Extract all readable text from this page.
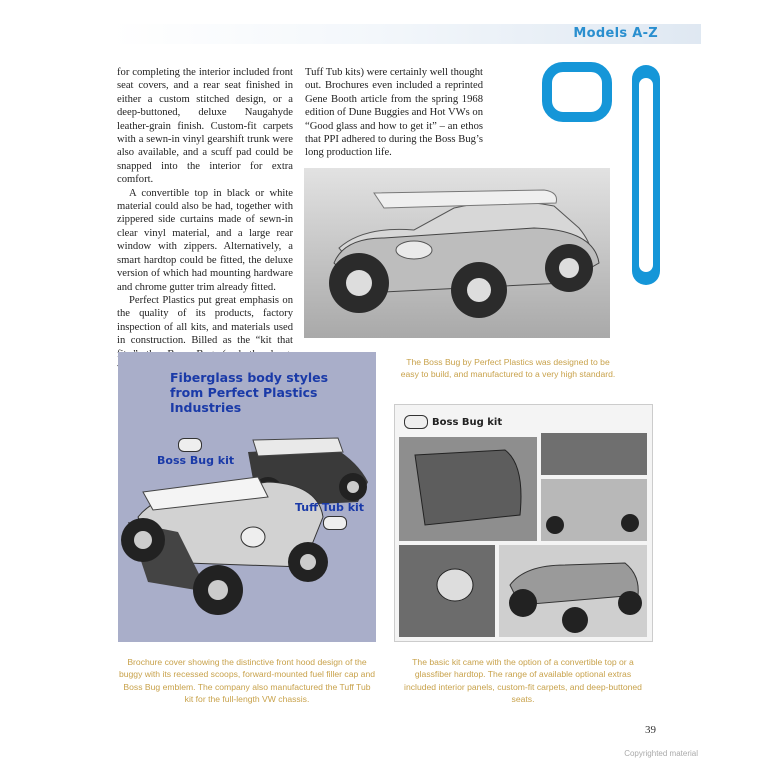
Models A-Z

for completing the interior included front seat covers, and a rear seat finished in either a custom stitched design, or a deep-buttoned, deluxe Naugahyde leather-grain finish. Custom-fit carpets with a sewn-in vinyl gearshift trunk were also available, and a scuff pad could be snapped into the interior for extra comfort.

A convertible top in black or white material could also be had, together with zippered side curtains made of sewn-in clear vinyl material, and a large rear window with zippers. Alternatively, a smart hardtop could be fitted, the deluxe version of which had mounting hardware and chrome gutter trim already fitted.

Perfect Plastics put great emphasis on the quality of its products, factory inspection of all kits, and materials used in construction. Billed as the “kit that

Tuff Tub kits) were certainly well thought out. Brochures even included a reprinted Gene Booth article from the spring 1968 edition of Dune Buggies and Hot VWs on “Good glass and how to get it” – an ethos that PPI adhered to during the Boss Bug’s long production life.

The Boss Bug by Perfect Plastics was designed to be easy to build, and manufactured to a very high standard.
Fiberglass body styles from Perfect Plastics Industries
Boss Bug kit
Tuff Tub kit
Brochure cover showing the distinctive front hood design of the buggy with its recessed scoops, forward-mounted fuel filler cap and Boss Bug emblem. The company also manufactured the Tuff Tub kit for the full-length VW chassis.
Boss Bug kit
The basic kit came with the option of a convertible top or a glassfiber hardtop. The range of available optional extras included interior panels, custom-fit carpets, and deep-buttoned seats.
39
Copyrighted material
